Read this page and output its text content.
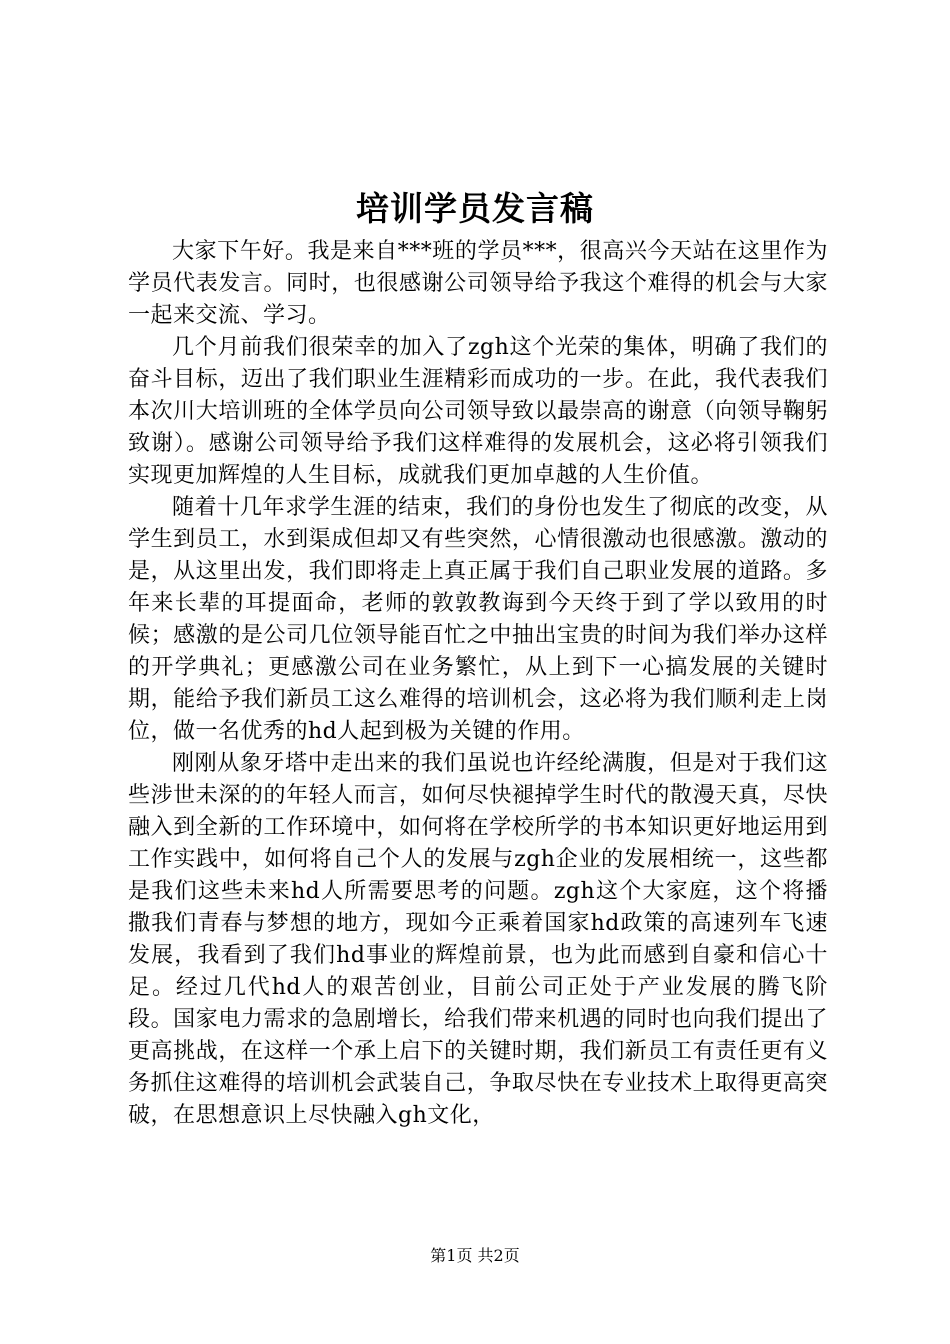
培训学员发言稿

大家下午好。我是来自***班的学员***，很高兴今天站在这里作为学员代表发言。同时，也很感谢公司领导给予我这个难得的机会与大家一起来交流、学习。

几个月前我们很荣幸的加入了zgh这个光荣的集体，明确了我们的奋斗目标，迈出了我们职业生涯精彩而成功的一步。在此，我代表我们本次川大培训班的全体学员向公司领导致以最崇高的谢意（向领导鞠躬致谢）。感谢公司领导给予我们这样难得的发展机会，这必将引领我们实现更加辉煌的人生目标，成就我们更加卓越的人生价值。

随着十几年求学生涯的结束，我们的身份也发生了彻底的改变，从学生到员工，水到渠成但却又有些突然，心情很激动也很感激。激动的是，从这里出发，我们即将走上真正属于我们自己职业发展的道路。多年来长辈的耳提面命，老师的敦敦教诲到今天终于到了学以致用的时候；感激的是公司几位领导能百忙之中抽出宝贵的时间为我们举办这样的开学典礼；更感激公司在业务繁忙，从上到下一心搞发展的关键时期，能给予我们新员工这么难得的培训机会，这必将为我们顺利走上岗位，做一名优秀的hd人起到极为关键的作用。

刚刚从象牙塔中走出来的我们虽说也许经纶满腹，但是对于我们这些涉世未深的的年轻人而言，如何尽快褪掉学生时代的散漫天真，尽快融入到全新的工作环境中，如何将在学校所学的书本知识更好地运用到工作实践中，如何将自己个人的发展与zgh企业的发展相统一，这些都是我们这些未来hd人所需要思考的问题。zgh这个大家庭，这个将播撒我们青春与梦想的地方，现如今正乘着国家hd政策的高速列车飞速发展，我看到了我们hd事业的辉煌前景，也为此而感到自豪和信心十足。经过几代hd人的艰苦创业，目前公司正处于产业发展的腾飞阶段。国家电力需求的急剧增长，给我们带来机遇的同时也向我们提出了更高挑战，在这样一个承上启下的关键时期，我们新员工有责任更有义务抓住这难得的培训机会武装自己，争取尽快在专业技术上取得更高突破，在思想意识上尽快融入gh文化，

第1页 共2页
